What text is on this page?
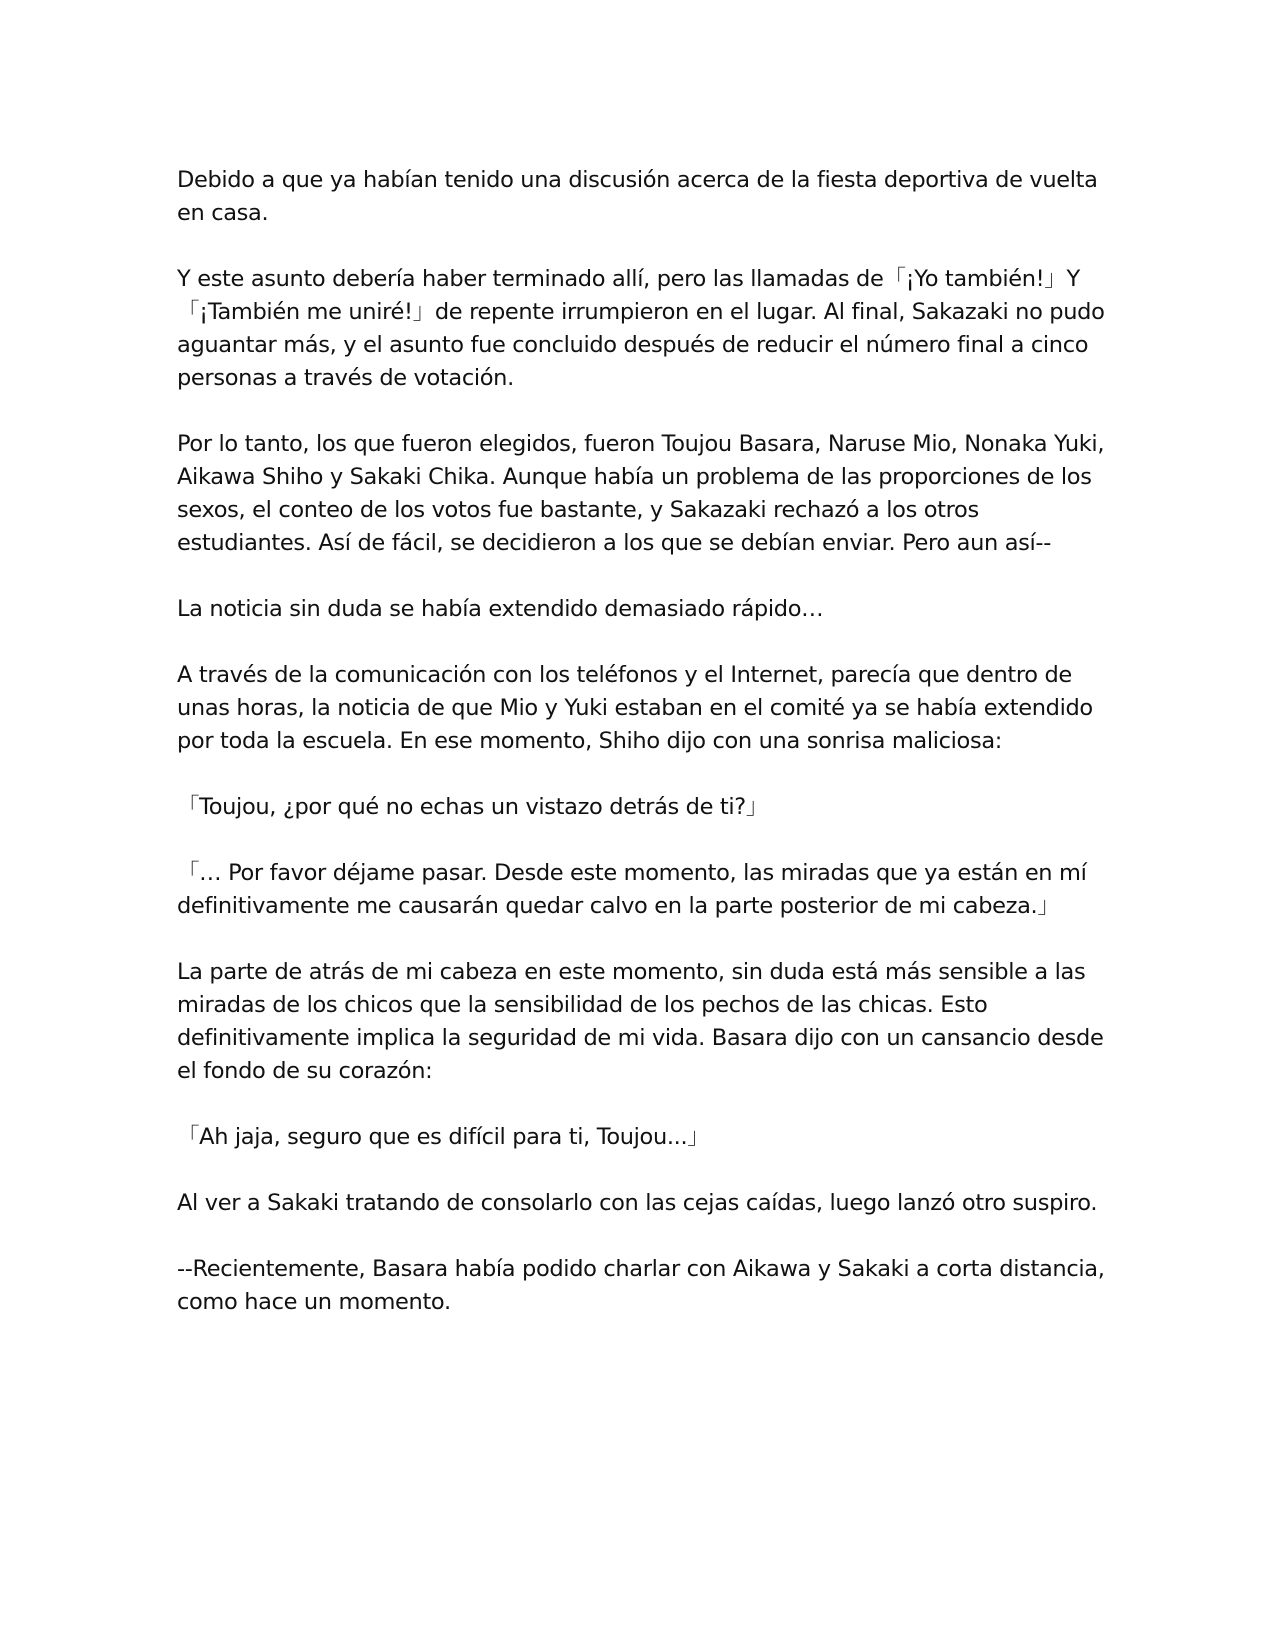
Debido a que ya habían tenido una discusión acerca de la fiesta deportiva de vuelta en casa.

Y este asunto debería haber terminado allí, pero las llamadas de「¡Yo también!」Y「¡También me uniré!」de repente irrumpieron en el lugar. Al final, Sakazaki no pudo aguantar más, y el asunto fue concluido después de reducir el número final a cinco personas a través de votación.

Por lo tanto, los que fueron elegidos, fueron Toujou Basara, Naruse Mio, Nonaka Yuki, Aikawa Shiho y Sakaki Chika. Aunque había un problema de las proporciones de los sexos, el conteo de los votos fue bastante, y Sakazaki rechazó a los otros estudiantes. Así de fácil, se decidieron a los que se debían enviar. Pero aun así--

La noticia sin duda se había extendido demasiado rápido…

A través de la comunicación con los teléfonos y el Internet, parecía que dentro de unas horas, la noticia de que Mio y Yuki estaban en el comité ya se había extendido por toda la escuela. En ese momento, Shiho dijo con una sonrisa maliciosa:

「Toujou, ¿por qué no echas un vistazo detrás de ti?」

「… Por favor déjame pasar. Desde este momento, las miradas que ya están en mí definitivamente me causarán quedar calvo en la parte posterior de mi cabeza.」

La parte de atrás de mi cabeza en este momento, sin duda está más sensible a las miradas de los chicos que la sensibilidad de los pechos de las chicas. Esto definitivamente implica la seguridad de mi vida. Basara dijo con un cansancio desde el fondo de su corazón:

「Ah jaja, seguro que es difícil para ti, Toujou...」

Al ver a Sakaki tratando de consolarlo con las cejas caídas, luego lanzó otro suspiro.

--Recientemente, Basara había podido charlar con Aikawa y Sakaki a corta distancia, como hace un momento.
